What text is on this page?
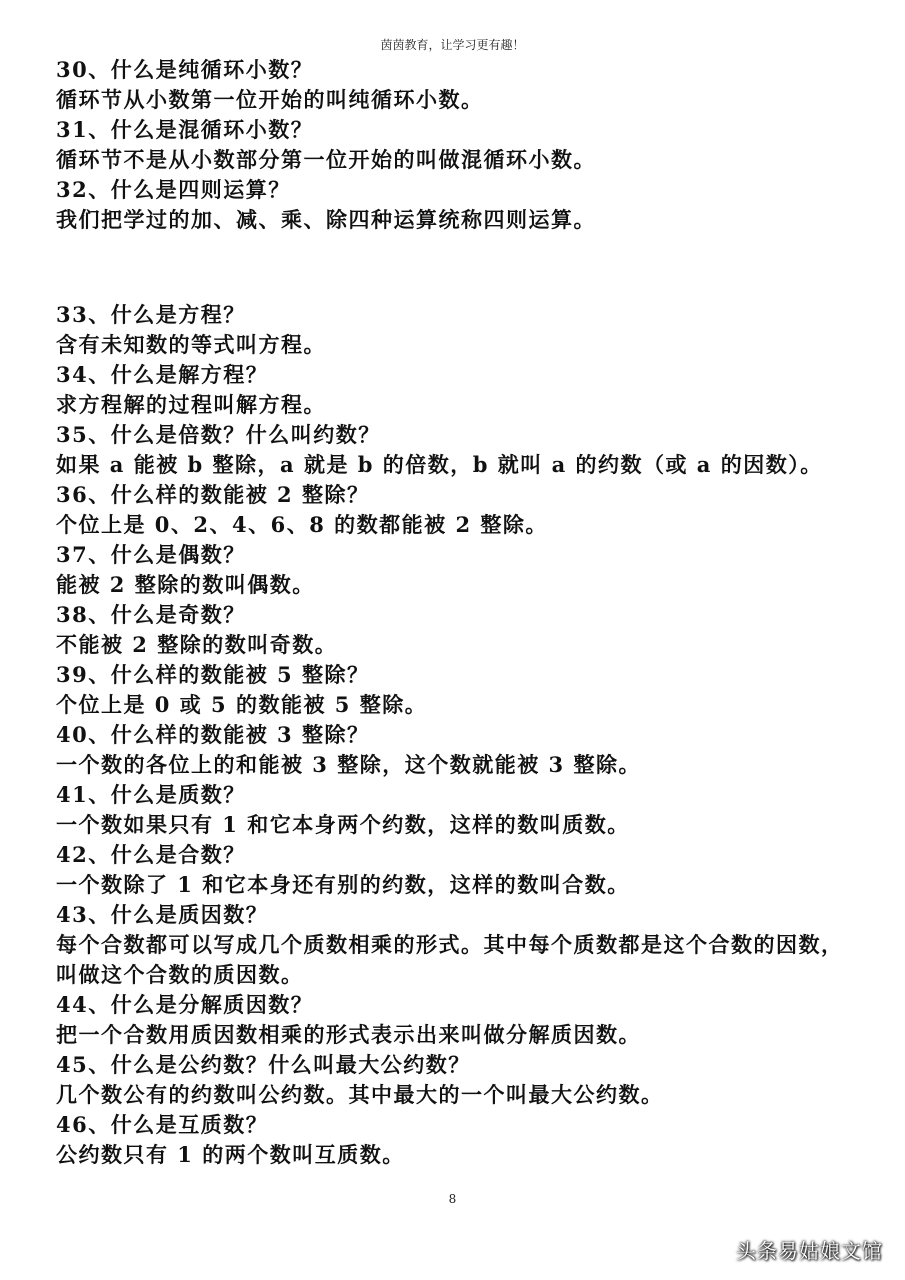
茵茵教育，让学习更有趣！
30、什么是纯循环小数？
循环节从小数第一位开始的叫纯循环小数。
31、什么是混循环小数？
循环节不是从小数部分第一位开始的叫做混循环小数。
32、什么是四则运算？
我们把学过的加、减、乘、除四种运算统称四则运算。
33、什么是方程？
含有未知数的等式叫方程。
34、什么是解方程？
求方程解的过程叫解方程。
35、什么是倍数？什么叫约数？
如果 a 能被 b 整除，a 就是 b 的倍数，b 就叫 a 的约数（或 a 的因数）。
36、什么样的数能被 2 整除？
个位上是 0、2、4、6、8 的数都能被 2 整除。
37、什么是偶数？
能被 2 整除的数叫偶数。
38、什么是奇数？
不能被 2 整除的数叫奇数。
39、什么样的数能被 5 整除？
个位上是 0 或 5 的数能被 5 整除。
40、什么样的数能被 3 整除？
一个数的各位上的和能被 3 整除，这个数就能被 3 整除。
41、什么是质数？
一个数如果只有 1 和它本身两个约数，这样的数叫质数。
42、什么是合数？
一个数除了 1 和它本身还有别的约数，这样的数叫合数。
43、什么是质因数？
每个合数都可以写成几个质数相乘的形式。其中每个质数都是这个合数的因数，叫做这个合数的质因数。
44、什么是分解质因数？
把一个合数用质因数相乘的形式表示出来叫做分解质因数。
45、什么是公约数？什么叫最大公约数？
几个数公有的约数叫公约数。其中最大的一个叫最大公约数。
46、什么是互质数？
公约数只有 1 的两个数叫互质数。
8
头条易姑娘文馆
